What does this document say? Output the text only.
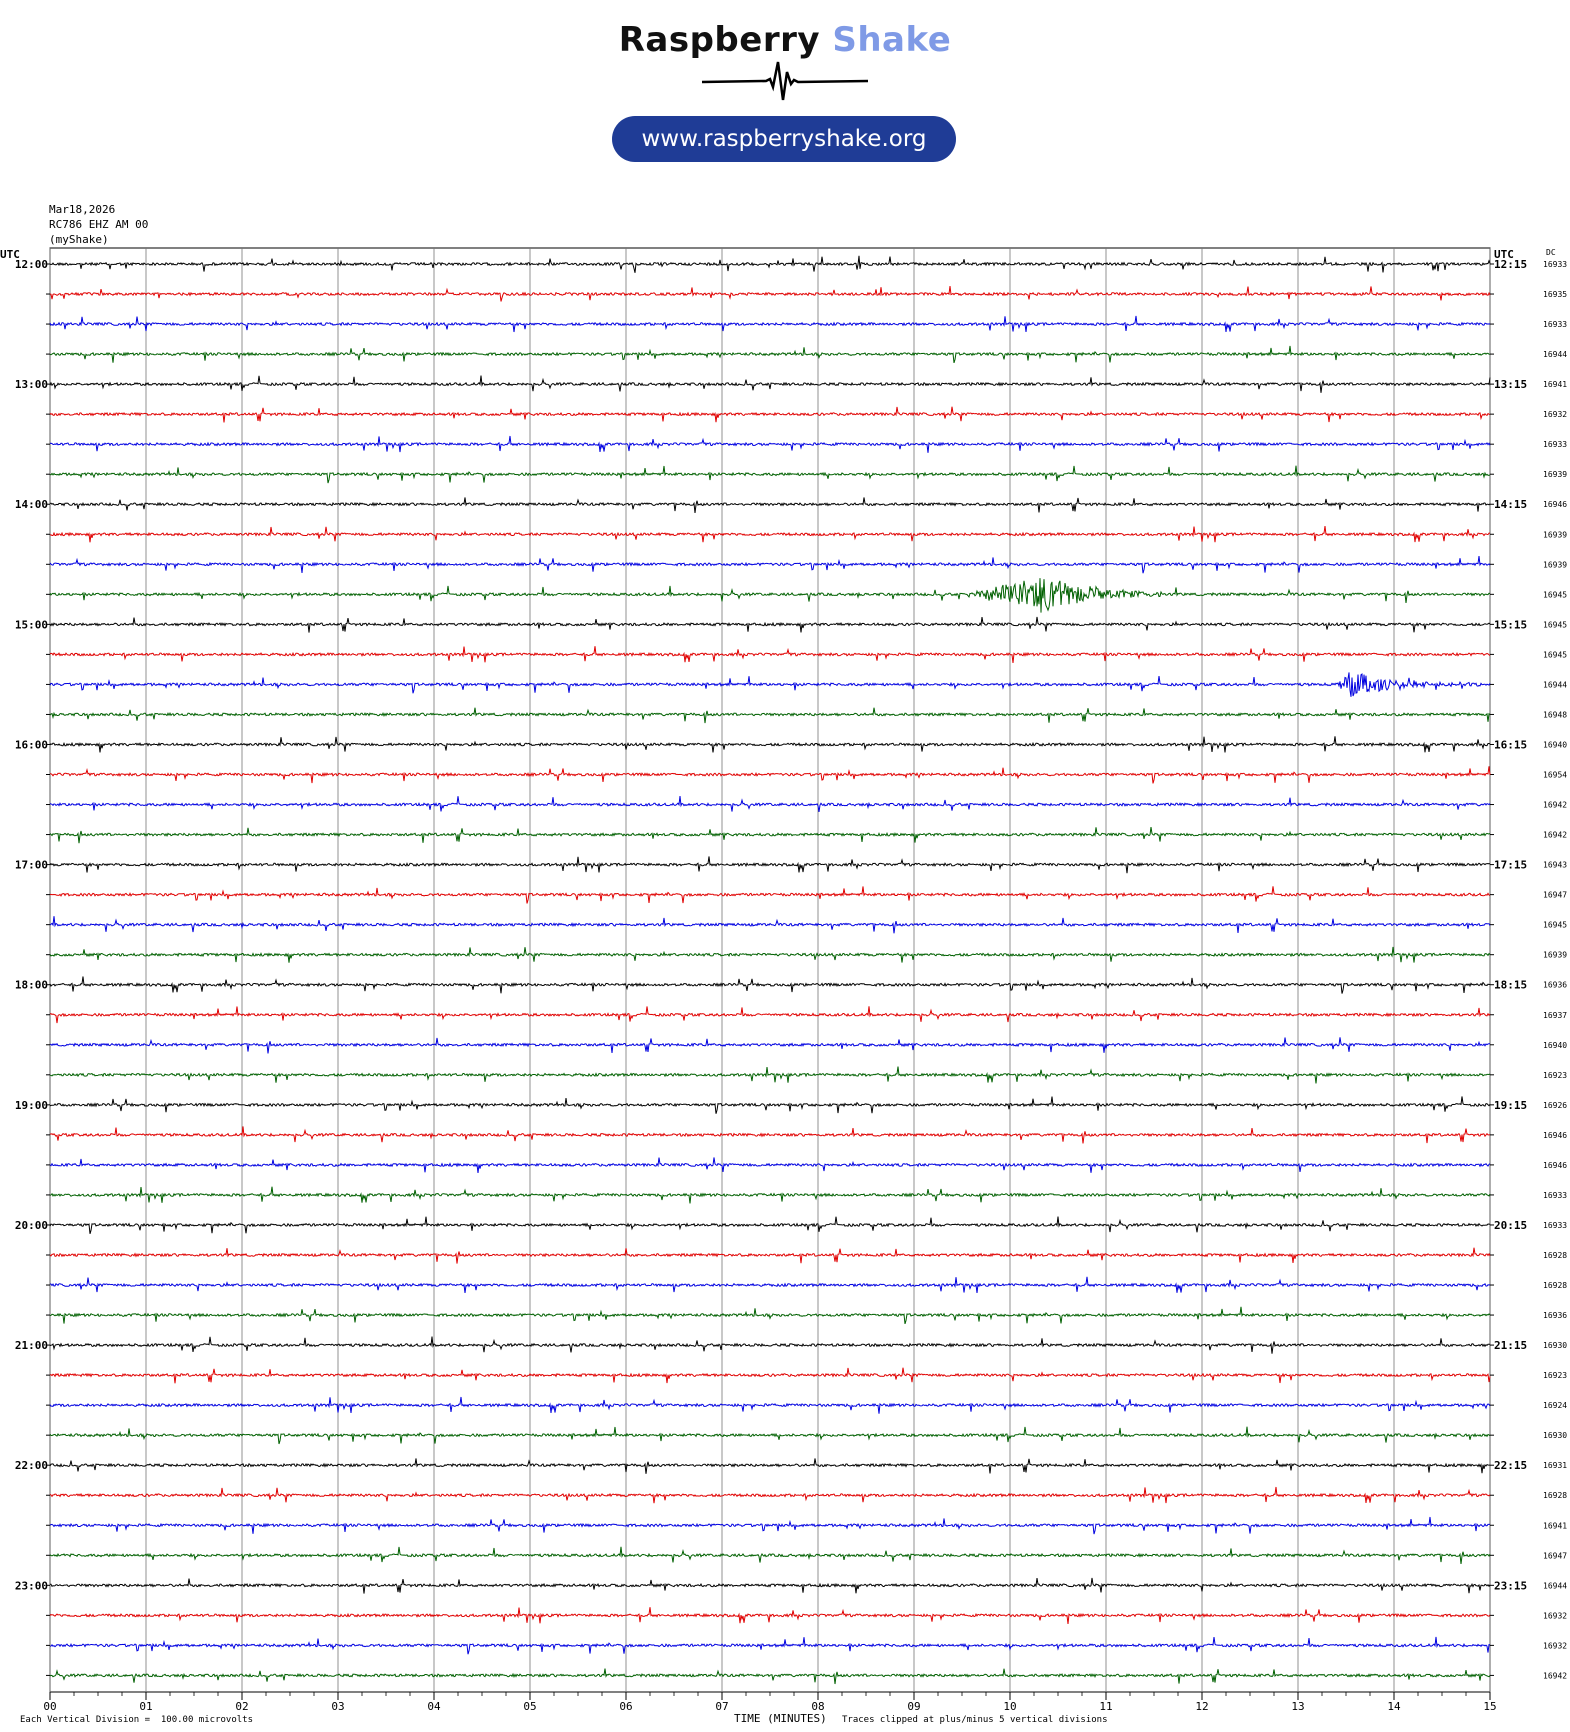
Raspberry Shake
www.raspberryshake.org
Mar18,2026
RC786 EHZ AM 00
(myShake)
00	01	02	03	04	05	06	07	08	09	10	11	12	13	14	15
UTC	UTC	DC
12:00
13:00
14:00
15:00
16:00
17:00
18:00
19:00
20:00
21:00
22:00
23:00
12:15
13:15
14:15
15:15
16:15
17:15
18:15
19:15
20:15
21:15
22:15
23:15
16933
16935
16933
16944
16941
16932
16933
16939
16946
16939
16939
16945
16945
16945
16944
16948
16940
16954
16942
16942
16943
16947
16945
16939
16936
16937
16940
16923
16926
16946
16946
16933
16933
16928
16928
16936
16930
16923
16924
16930
16931
16928
16941
16947
16944
16932
16932
16942
Each Vertical Division =  100.00 microvolts	TIME (MINUTES) Traces clipped at plus/minus 5 vertical divisions
